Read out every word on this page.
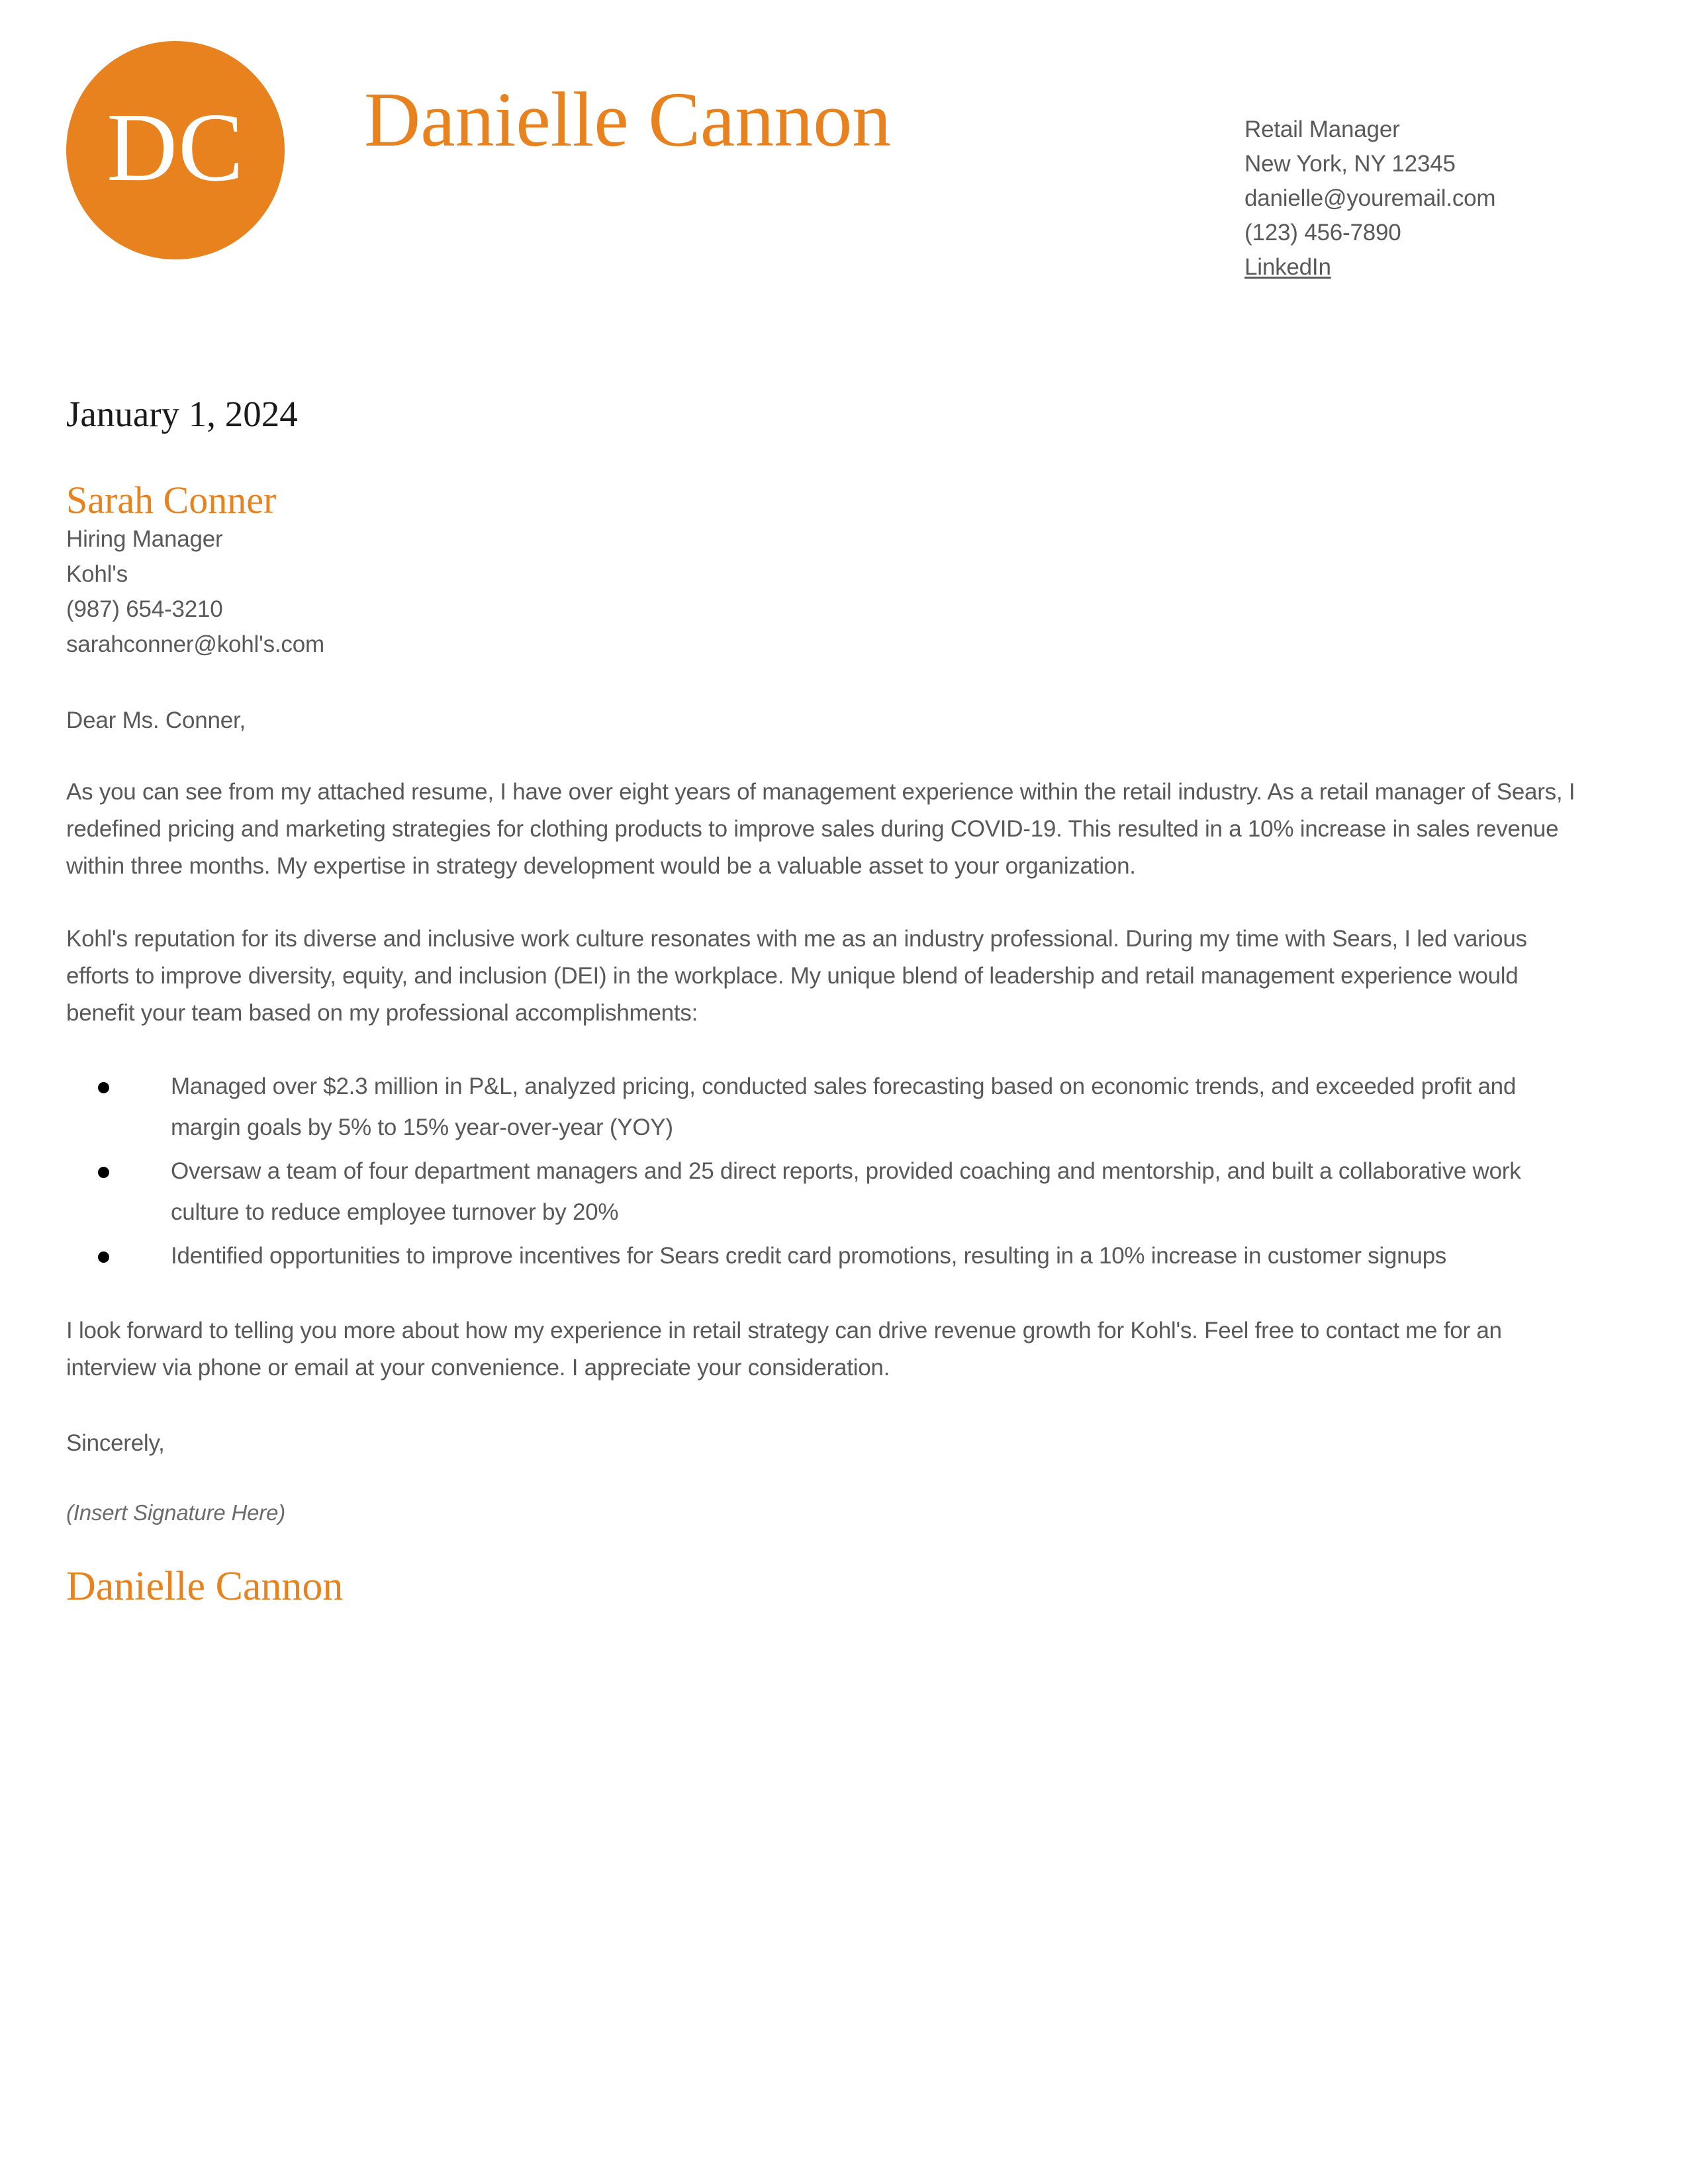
DC Danielle Cannon	Retail Manager
New York, NY 12345
danielle@youremail.com
(123) 456-7890
LinkedIn
January 1, 2024
Sarah Conner
Hiring Manager
Kohl's
(987) 654-3210
sarahconner@kohl's.com
Dear Ms. Conner,
As you can see from my attached resume, I have over eight years of management experience within the retail industry. As a retail manager of Sears, I redefined pricing and marketing strategies for clothing products to improve sales during COVID-19. This resulted in a 10% increase in sales revenue within three months. My expertise in strategy development would be a valuable asset to your organization.
Kohl's reputation for its diverse and inclusive work culture resonates with me as an industry professional. During my time with Sears, I led various efforts to improve diversity, equity, and inclusion (DEI) in the workplace. My unique blend of leadership and retail management experience would benefit your team based on my professional accomplishments:
Managed over $2.3 million in P&L, analyzed pricing, conducted sales forecasting based on economic trends, and exceeded profit and margin goals by 5% to 15% year-over-year (YOY)
Oversaw a team of four department managers and 25 direct reports, provided coaching and mentorship, and built a collaborative work culture to reduce employee turnover by 20%
Identified opportunities to improve incentives for Sears credit card promotions, resulting in a 10% increase in customer signups
I look forward to telling you more about how my experience in retail strategy can drive revenue growth for Kohl's. Feel free to contact me for an interview via phone or email at your convenience. I appreciate your consideration.
Sincerely,
(Insert Signature Here)
Danielle Cannon
